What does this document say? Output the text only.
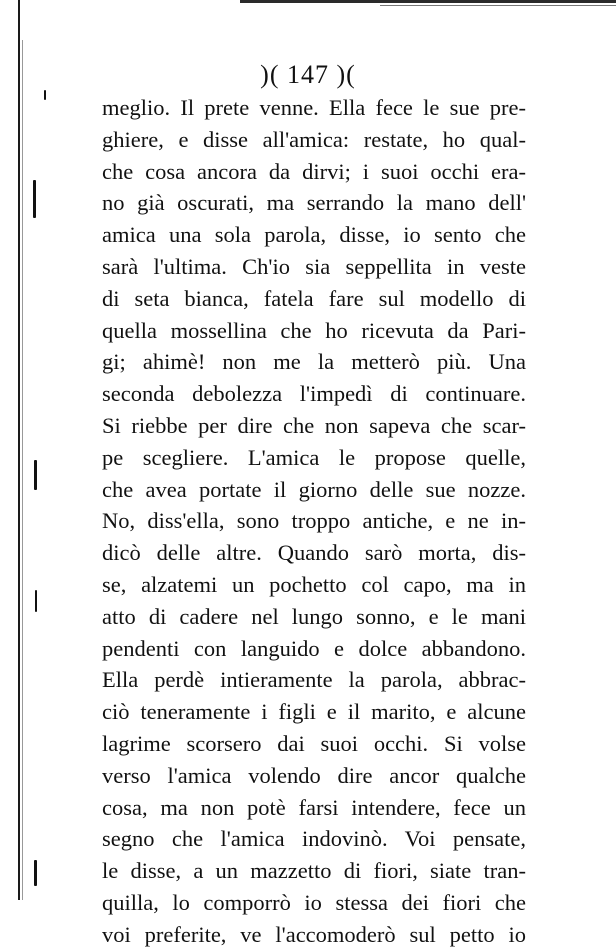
)( 147 )(
meglio. Il prete venne. Ella fece le sue pre-
ghiere, e disse all'amica: restate, ho qual-
che cosa ancora da dirvi; i suoi occhi era-
no già oscurati, ma serrando la mano dell'
amica una sola parola, disse, io sento che
sarà l'ultima. Ch'io sia seppellita in veste
di seta bianca, fatela fare sul modello di
quella mossellina che ho ricevuta da Pari-
gi; ahimè! non me la metterò più. Una
seconda debolezza l'impedì di continuare.
Si riebbe per dire che non sapeva che scar-
pe scegliere. L'amica le propose quelle,
che avea portate il giorno delle sue nozze.
No, diss'ella, sono troppo antiche, e ne in-
dicò delle altre. Quando sarò morta, dis-
se, alzatemi un pochetto col capo, ma in
atto di cadere nel lungo sonno, e le mani
pendenti con languido e dolce abbandono.
Ella perdè intieramente la parola, abbrac-
ciò teneramente i figli e il marito, e alcune
lagrime scorsero dai suoi occhi. Si volse
verso l'amica volendo dire ancor qualche
cosa, ma non potè farsi intendere, fece un
segno che l'amica indovinò. Voi pensate,
le disse, a un mazzetto di fiori, siate tran-
quilla, lo comporrò io stessa dei fiori che
voi preferite, ve l'accomoderò sul petto io
